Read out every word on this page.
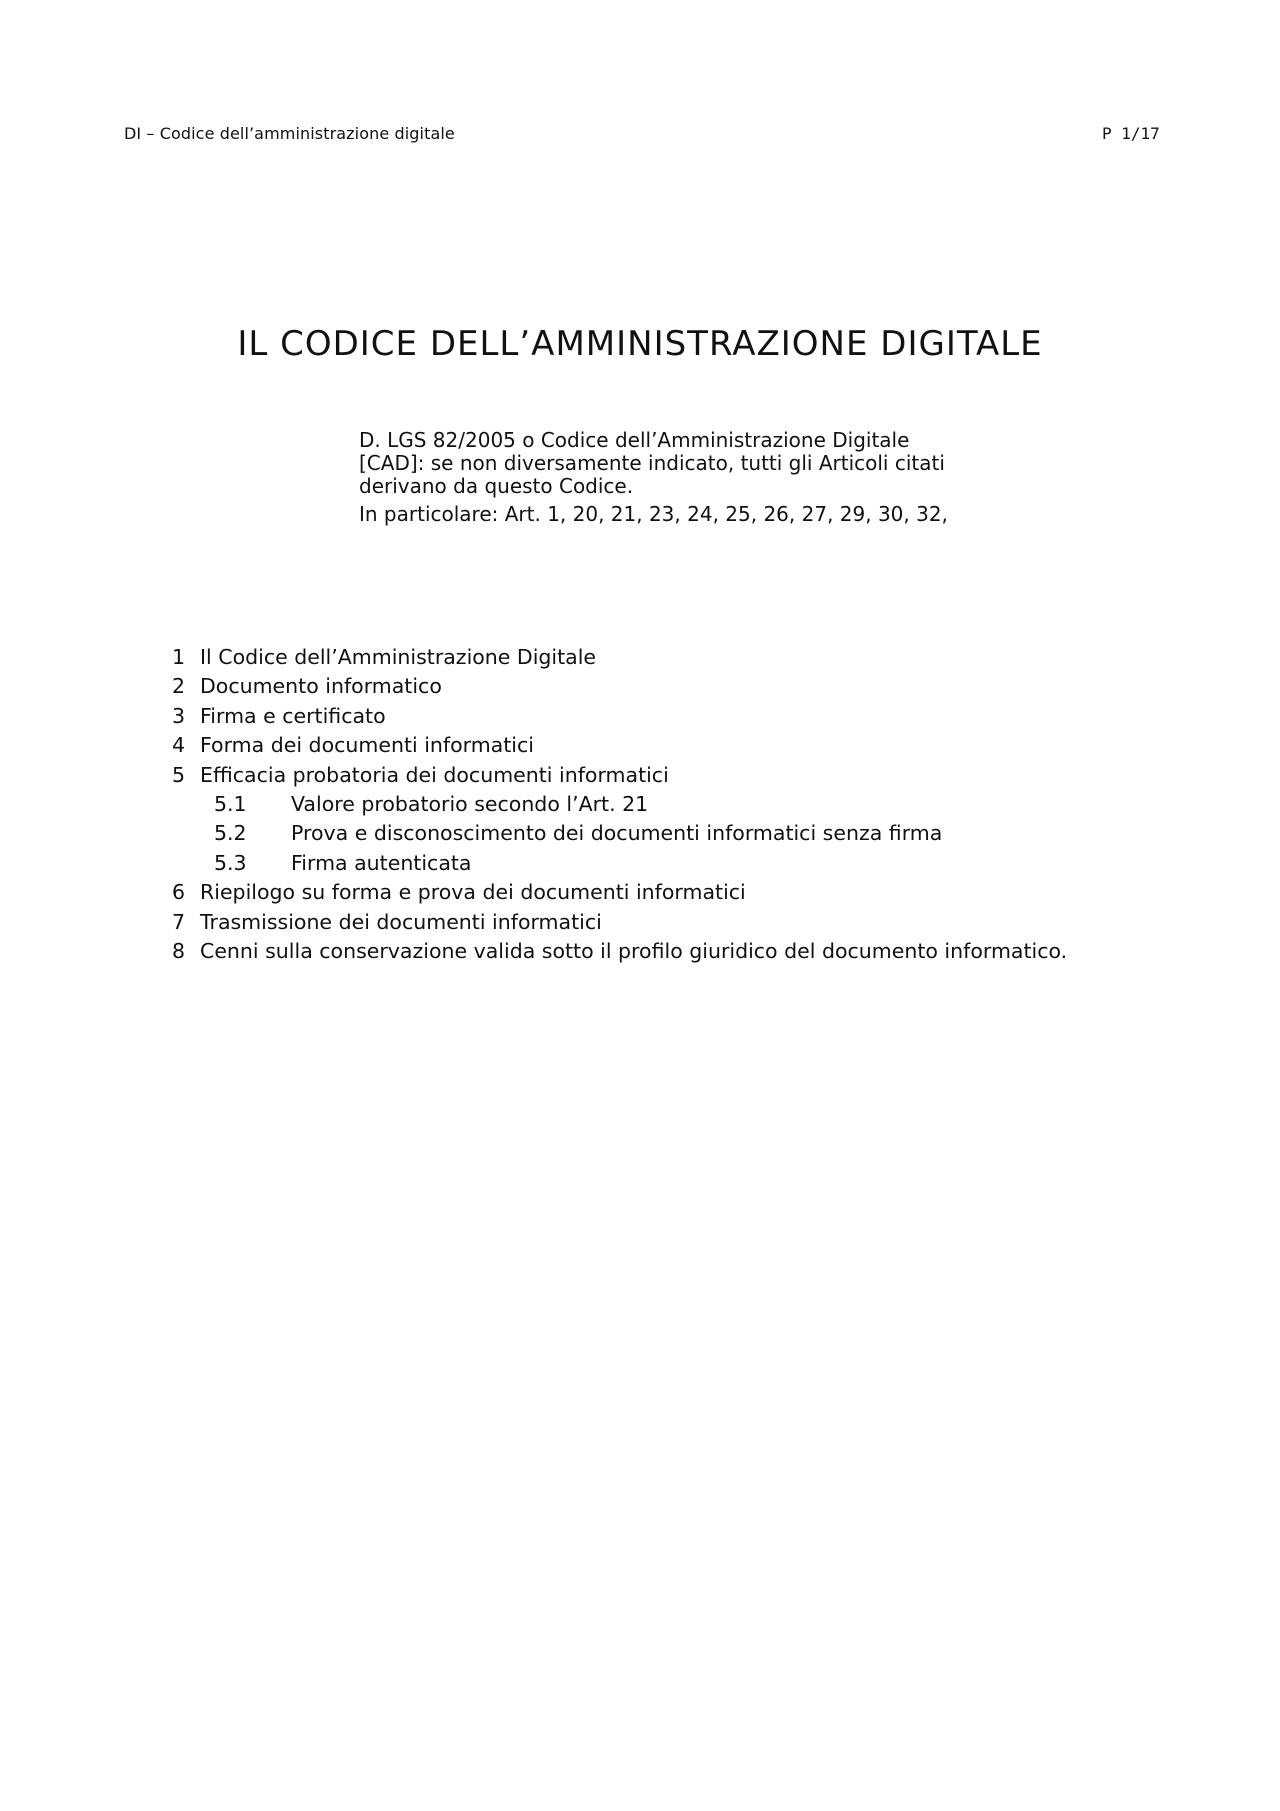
DI – Codice dell’amministrazione digitale	P 1/17
IL CODICE DELL’AMMINISTRAZIONE DIGITALE

D. LGS 82/2005 o Codice dell’Amministrazione Digitale [CAD]: se non diversamente indicato, tutti gli Articoli citati derivano da questo Codice.

In particolare: Art. 1, 20, 21, 23, 24, 25, 26, 27, 29, 30, 32,

1 Il Codice dell’Amministrazione Digitale
2 Documento informatico
3 Firma e certificato
4 Forma dei documenti informatici
5 Efficacia probatoria dei documenti informatici
5.1	Valore probatorio secondo l’Art. 21
5.2	Prova e disconoscimento dei documenti informatici senza firma
5.3	Firma autenticata
6 Riepilogo su forma e prova dei documenti informatici
7 Trasmissione dei documenti informatici
8 Cenni sulla conservazione valida sotto il profilo giuridico del documento informatico.
